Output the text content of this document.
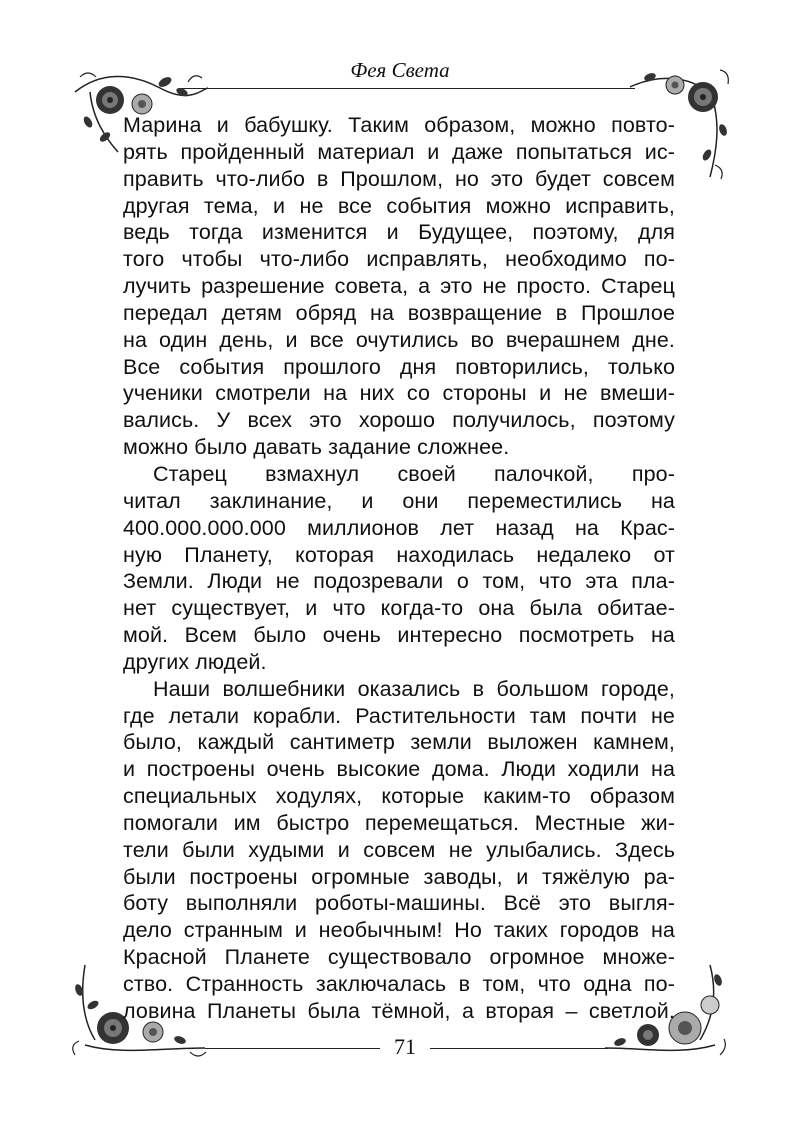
Фея Света
Марина и бабушку. Таким образом, можно повто-
рять пройденный материал и даже попытаться ис-
править что-либо в Прошлом, но это будет совсем
другая тема, и не все события можно исправить,
ведь тогда изменится и Будущее, поэтому, для
того чтобы что-либо исправлять, необходимо по-
лучить разрешение совета, а это не просто. Старец
передал детям обряд на возвращение в Прошлое
на один день, и все очутились во вчерашнем дне.
Все события прошлого дня повторились, только
ученики смотрели на них со стороны и не вмеши-
вались. У всех это хорошо получилось, поэтому
можно было давать задание сложнее.
Старец взмахнул своей палочкой, про-
читал заклинание, и они переместились на
400.000.000.000 миллионов лет назад на Крас-
ную Планету, которая находилась недалеко от
Земли. Люди не подозревали о том, что эта пла-
нет существует, и что когда-то она была обитае-
мой. Всем было очень интересно посмотреть на
других людей.
Наши волшебники оказались в большом городе,
где летали корабли. Растительности там почти не
было, каждый сантиметр земли выложен камнем,
и построены очень высокие дома. Люди ходили на
специальных ходулях, которые каким-то образом
помогали им быстро перемещаться. Местные жи-
тели были худыми и совсем не улыбались. Здесь
были построены огромные заводы, и тяжёлую ра-
боту выполняли роботы-машины. Всё это выгля-
дело странным и необычным! Но таких городов на
Красной Планете существовало огромное множе-
ство. Странность заключалась в том, что одна по-
ловина Планеты была тёмной, а вторая – светлой.
71
